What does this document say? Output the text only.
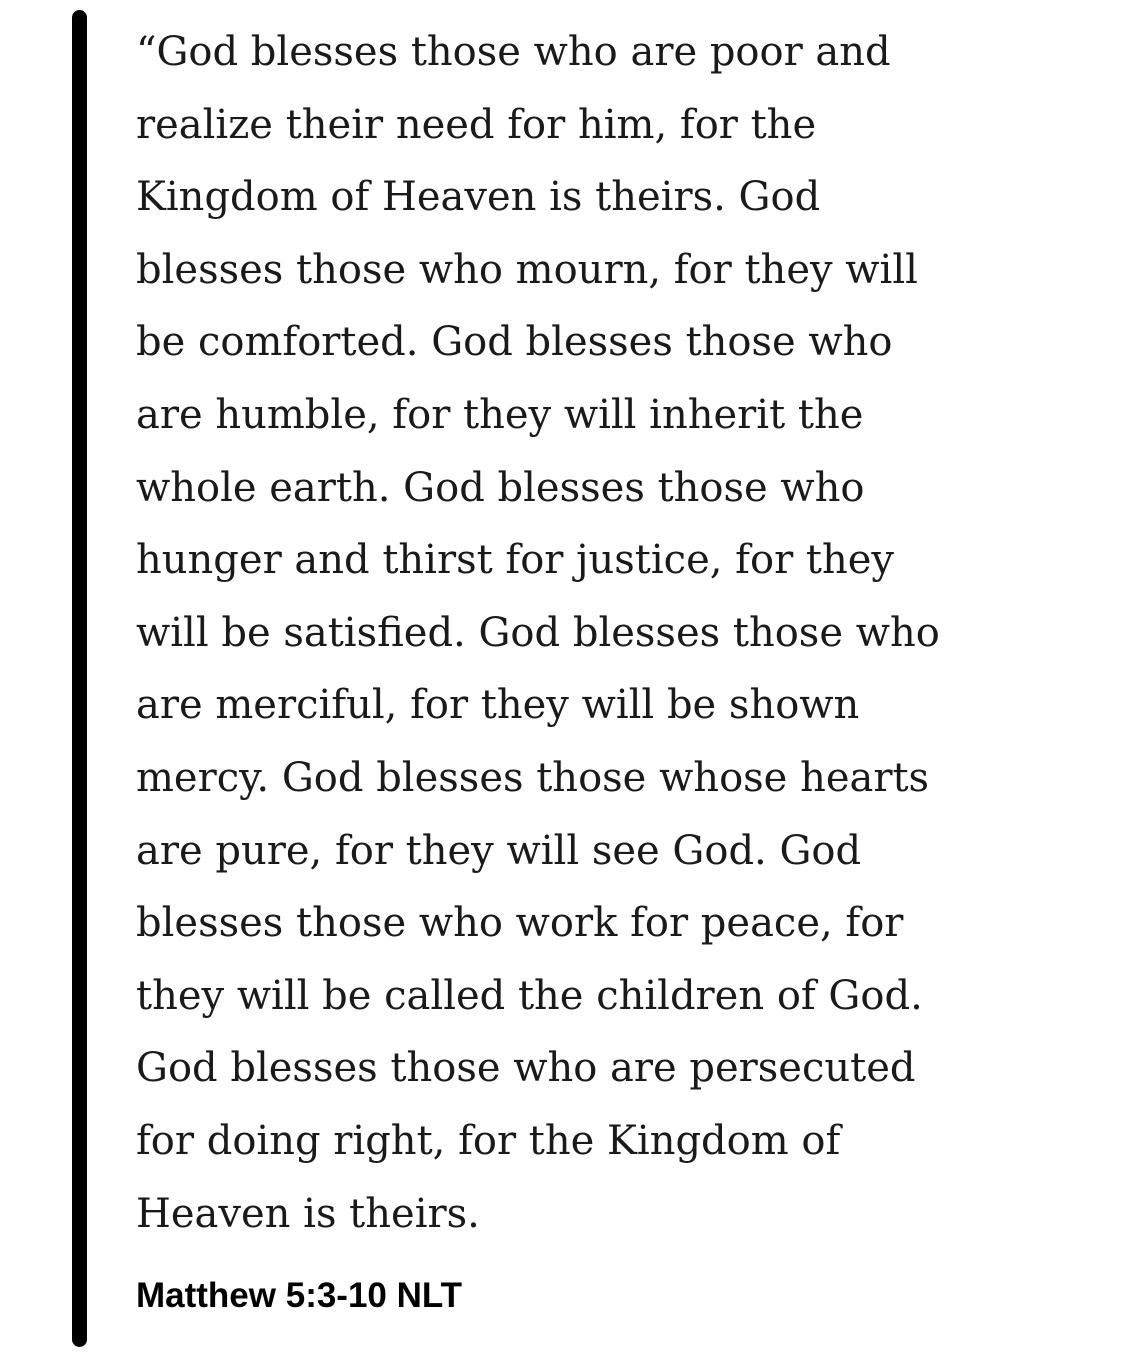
“God blesses those who are poor and
realize their need for him, for the
Kingdom of Heaven is theirs. God
blesses those who mourn, for they will
be comforted. God blesses those who
are humble, for they will inherit the
whole earth. God blesses those who
hunger and thirst for justice, for they
will be satisfied. God blesses those who
are merciful, for they will be shown
mercy. God blesses those whose hearts
are pure, for they will see God. God
blesses those who work for peace, for
they will be called the children of God.
God blesses those who are persecuted
for doing right, for the Kingdom of
Heaven is theirs.

Matthew 5:3-10 NLT
